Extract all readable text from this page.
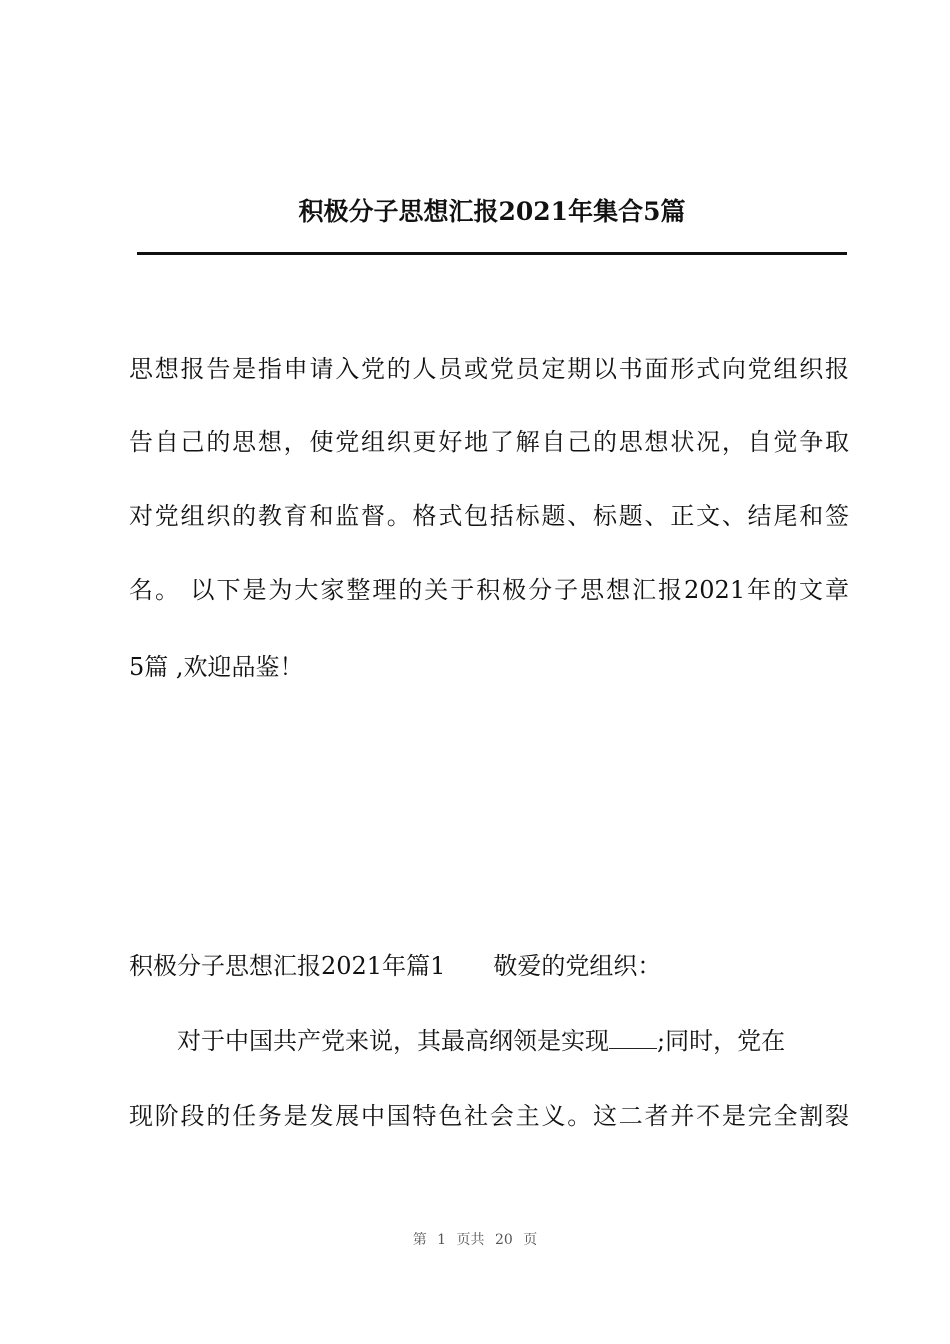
积极分子思想汇报2021年集合5篇
思想报告是指申请入党的人员或党员定期以书面形式向党组织报
告自己的思想，使党组织更好地了解自己的思想状况，自觉争取
对党组织的教育和监督。格式包括标题、标题、正文、结尾和签
名。 以下是为大家整理的关于积极分子思想汇报2021年的文章
5篇 ,欢迎品鉴！
积极分子思想汇报2021年篇1 敬爱的党组织：
对于中国共产党来说，其最高纲领是实现 ;同时，党在
现阶段的任务是发展中国特色社会主义。这二者并不是完全割裂
第 1 页共 20 页
